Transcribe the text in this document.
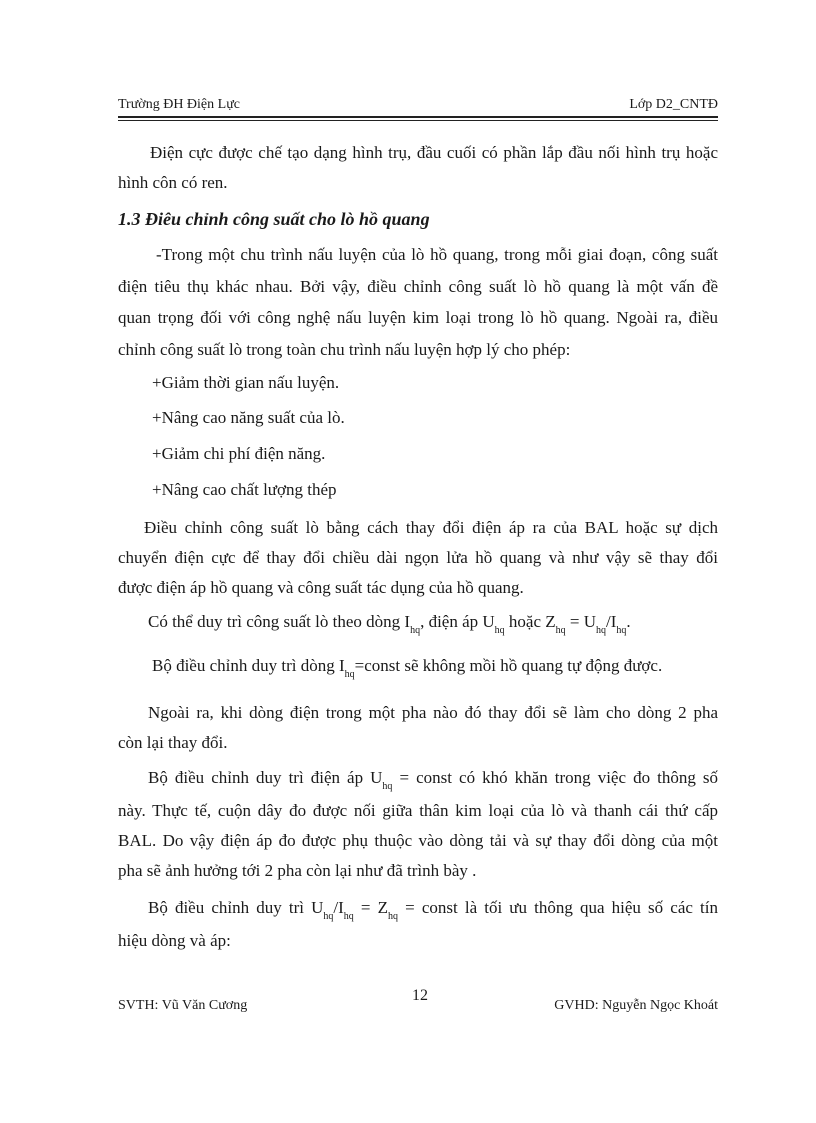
Trường ĐH Điện Lực	Lớp D2_CNTĐ
Điện cực được chế tạo dạng hình trụ, đầu cuối có phần lắp đầu nối hình trụ hoặc
hình côn có ren.
1.3 Điêu chỉnh công suất cho lò hồ quang
-Trong một chu trình nấu luyện của lò hồ quang, trong mỗi giai đoạn, công suất
điện tiêu thụ khác nhau. Bởi vậy, điều chỉnh công suất lò hồ quang là một vấn đề
quan trọng đối với công nghệ nấu luyện kim loại trong lò hồ quang. Ngoài ra, điều
chỉnh công suất lò trong toàn chu trình nấu luyện hợp lý cho phép:
+Giảm thời gian nấu luyện.
+Nâng cao năng suất của lò.
+Giảm chi phí điện năng.
+Nâng cao chất lượng thép
Điều chỉnh công suất lò bằng cách thay đổi điện áp ra của BAL hoặc sự dịch
chuyển điện cực để thay đổi chiều dài ngọn lửa hồ quang và như vậy sẽ thay đổi
được điện áp hồ quang và công suất tác dụng của hồ quang.
Có thể duy trì công suất lò theo dòng $I_{hq}$, điện áp $U_{hq}$ hoặc $Z_{hq} = U_{hq}/I_{hq}$.
Bộ điều chỉnh duy trì dòng $I_{hq}=const$ sẽ không mồi hồ quang tự động được.
Ngoài ra, khi dòng điện trong một pha nào đó thay đổi sẽ làm cho dòng 2 pha
còn lại thay đổi.
Bộ điều chỉnh duy trì điện áp $U_{hq}$ = const có khó khăn trong việc đo thông số
này. Thực tế, cuộn dây đo được nối giữa thân kim loại của lò và thanh cái thứ cấp
BAL. Do vậy điện áp đo được phụ thuộc vào dòng tải và sự thay đổi dòng của một
pha sẽ ảnh hưởng tới 2 pha còn lại như đã trình bày .
Bộ điều chỉnh duy trì $U_{hq}/I_{hq} = Z_{hq}$ = const là tối ưu thông qua hiệu số các tín
hiệu dòng và áp:
SVTH: Vũ Văn Cương
12
GVHD: Nguyễn Ngọc Khoát
